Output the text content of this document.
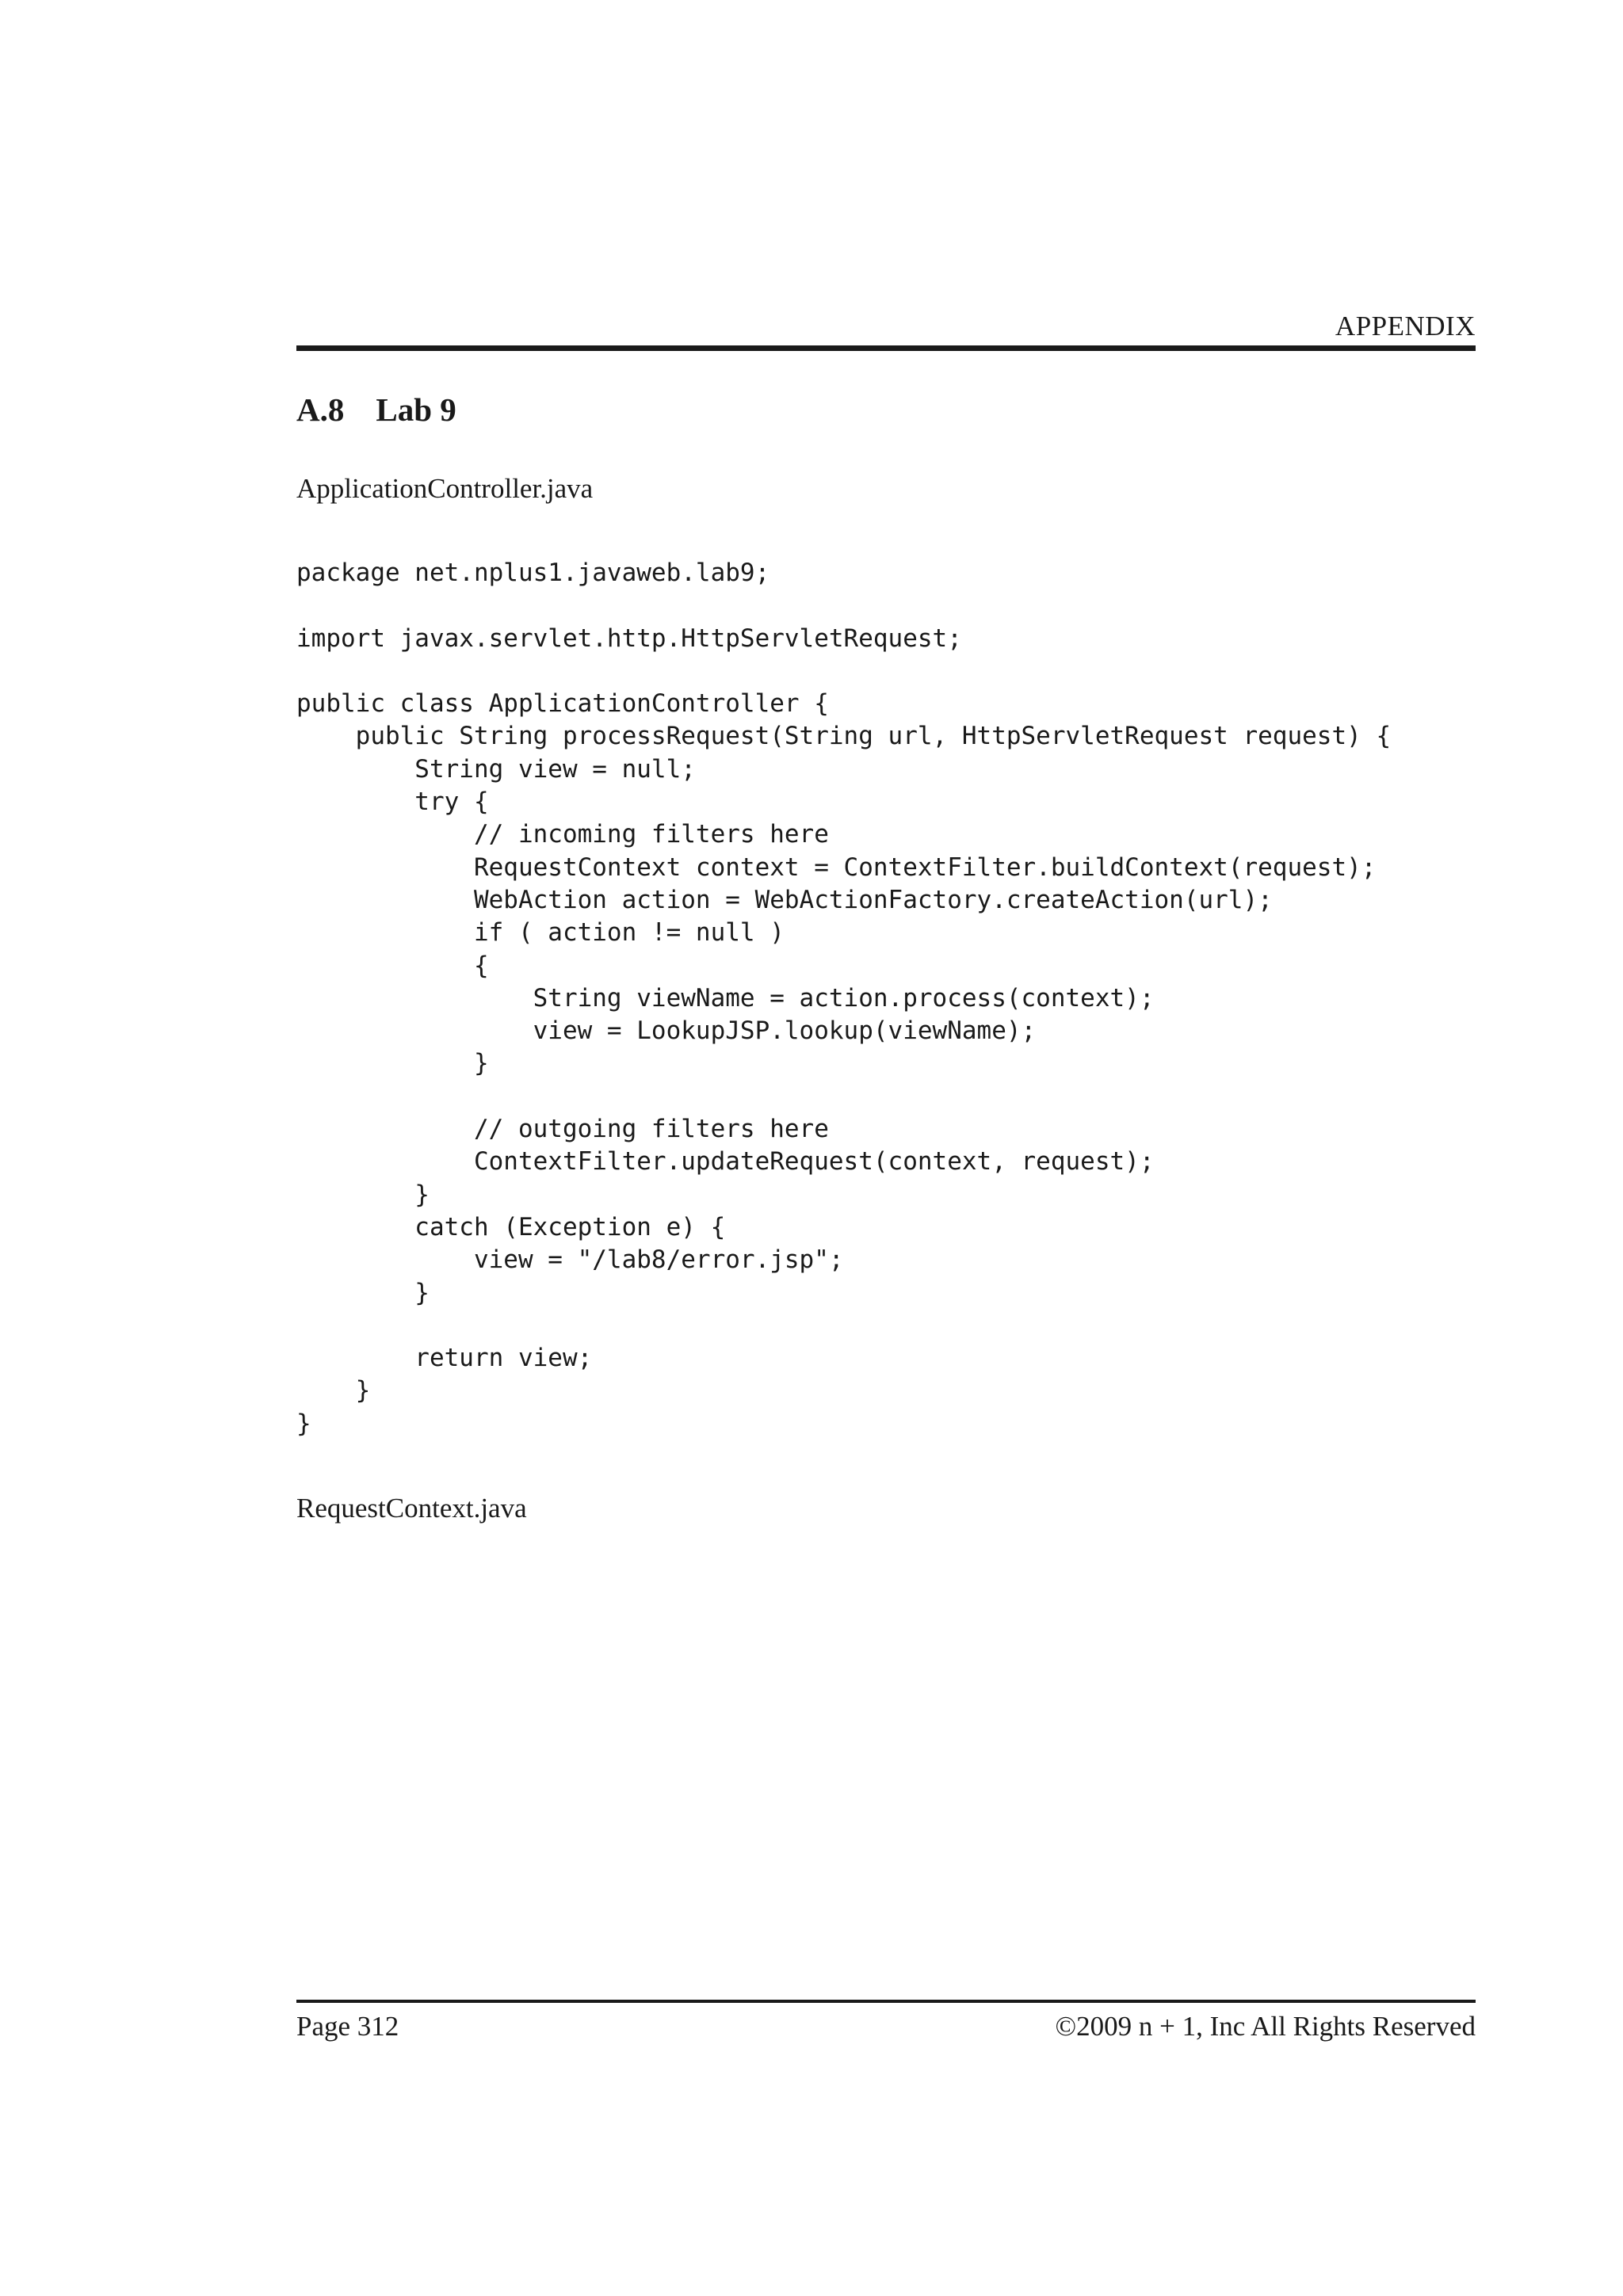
APPENDIX
A.8 Lab 9
ApplicationController.java
package net.nplus1.javaweb.lab9;

import javax.servlet.http.HttpServletRequest;

public class ApplicationController {
public String processRequest(String url, HttpServletRequest request) {
String view = null;
try {
// incoming filters here
RequestContext context = ContextFilter.buildContext(request);
WebAction action = WebActionFactory.createAction(url);
if ( action != null )
{
String viewName = action.process(context);
view = LookupJSP.lookup(viewName);
}

// outgoing filters here
ContextFilter.updateRequest(context, request);
}
catch (Exception e) {
view = "/lab8/error.jsp";
}

return view;
}
}
RequestContext.java
Page 312	©2009 n + 1, Inc All Rights Reserved
